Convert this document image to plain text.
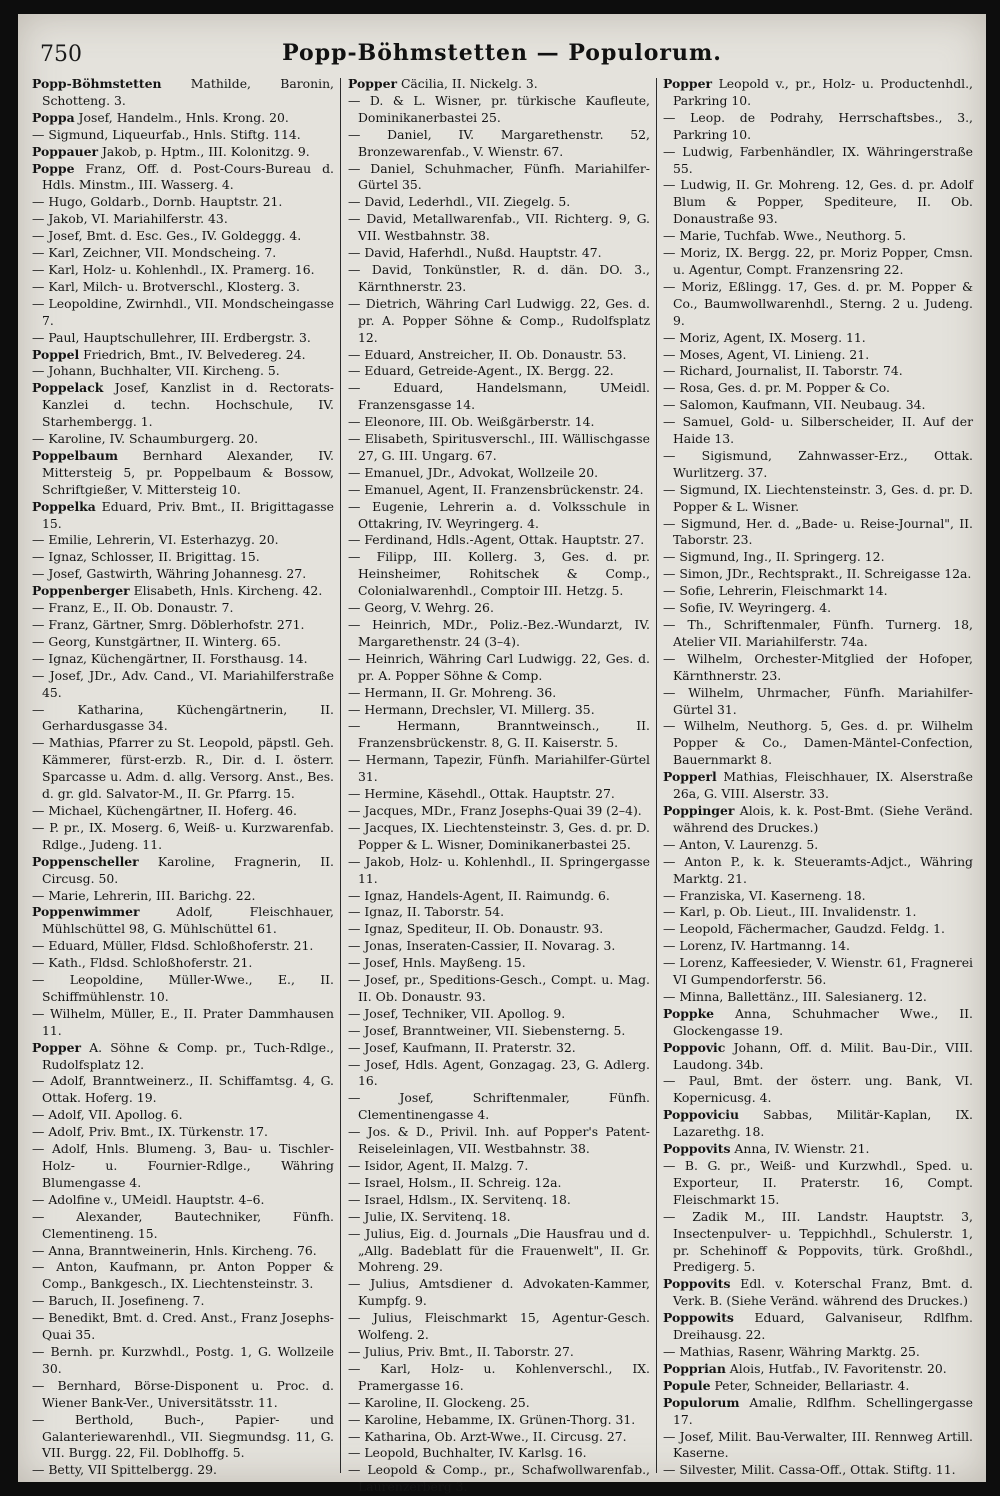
750	Popp-Böhmstetten — Populorum.

Popp-Böhmstetten Mathilde, Baronin, Schotteng. 3.

Poppa Josef, Handelm., Hnls. Krong. 20.

— Sigmund, Liqueurfab., Hnls. Stiftg. 114.

Poppauer Jakob, p. Hptm., III. Kolonitzg. 9.

Poppe Franz, Off. d. Post-Cours-Bureau d. Hdls. Minstm., III. Wasserg. 4.

— Hugo, Goldarb., Dornb. Hauptstr. 21.

— Jakob, VI. Mariahilferstr. 43.

— Josef, Bmt. d. Esc. Ges., IV. Goldeggg. 4.

— Karl, Zeichner, VII. Mondscheing. 7.

— Karl, Holz- u. Kohlenhdl., IX. Pramerg. 16.

— Karl, Milch- u. Brotverschl., Klosterg. 3.

— Leopoldine, Zwirnhdl., VII. Mondscheingasse 7.

— Paul, Hauptschullehrer, III. Erdbergstr. 3.

Poppel Friedrich, Bmt., IV. Belvedereg. 24.

— Johann, Buchhalter, VII. Kircheng. 5.

Poppelack Josef, Kanzlist in d. Rectorats-Kanzlei d. techn. Hochschule, IV. Starhembergg. 1.

— Karoline, IV. Schaumburgerg. 20.

Poppelbaum Bernhard Alexander, IV. Mittersteig 5, pr. Poppelbaum & Bossow, Schriftgießer, V. Mittersteig 10.

Poppelka Eduard, Priv. Bmt., II. Brigittagasse 15.

— Emilie, Lehrerin, VI. Esterhazyg. 20.

— Ignaz, Schlosser, II. Brigittag. 15.

— Josef, Gastwirth, Währing Johannesg. 27.

Poppenberger Elisabeth, Hnls. Kircheng. 42.

— Franz, E., II. Ob. Donaustr. 7.

— Franz, Gärtner, Smrg. Döblerhofstr. 271.

— Georg, Kunstgärtner, II. Winterg. 65.

— Ignaz, Küchengärtner, II. Forsthausg. 14.

— Josef, JDr., Adv. Cand., VI. Mariahilferstraße 45.

— Katharina, Küchengärtnerin, II. Gerhardusgasse 34.

— Mathias, Pfarrer zu St. Leopold, päpstl. Geh. Kämmerer, fürst-erzb. R., Dir. d. I. österr. Sparcasse u. Adm. d. allg. Versorg. Anst., Bes. d. gr. gld. Salvator-M., II. Gr. Pfarrg. 15.

— Michael, Küchengärtner, II. Hoferg. 46.

— P. pr., IX. Moserg. 6, Weiß- u. Kurzwarenfab. Rdlge., Judeng. 11.

Poppenscheller Karoline, Fragnerin, II. Circusg. 50.

— Marie, Lehrerin, III. Barichg. 22.

Poppenwimmer Adolf, Fleischhauer, Mühlschüttel 98, G. Mühlschüttel 61.

— Eduard, Müller, Fldsd. Schloßhoferstr. 21.

— Kath., Fldsd. Schloßhoferstr. 21.

— Leopoldine, Müller-Wwe., E., II. Schiffmühlenstr. 10.

— Wilhelm, Müller, E., II. Prater Dammhausen 11.

Popper A. Söhne & Comp. pr., Tuch-Rdlge., Rudolfsplatz 12.

— Adolf, Branntweinerz., II. Schiffamtsg. 4, G. Ottak. Hoferg. 19.

— Adolf, VII. Apollog. 6.

— Adolf, Priv. Bmt., IX. Türkenstr. 17.

— Adolf, Hnls. Blumeng. 3, Bau- u. Tischler-Holz- u. Fournier-Rdlge., Währing Blumengasse 4.

— Adolfine v., UMeidl. Hauptstr. 4–6.

— Alexander, Bautechniker, Fünfh. Clementineng. 15.

— Anna, Branntweinerin, Hnls. Kircheng. 76.

— Anton, Kaufmann, pr. Anton Popper & Comp., Bankgesch., IX. Liechtensteinstr. 3.

— Baruch, II. Josefineng. 7.

— Benedikt, Bmt. d. Cred. Anst., Franz Josephs-Quai 35.

— Bernh. pr. Kurzwhdl., Postg. 1, G. Wollzeile 30.

— Bernhard, Börse-Disponent u. Proc. d. Wiener Bank-Ver., Universitätsstr. 11.

— Berthold, Buch-, Papier- und Galanteriewarenhdl., VII. Siegmundsg. 11, G. VII. Burgg. 22, Fil. Doblhoffg. 5.

— Betty, VII Spittelbergg. 29.

Popper Cäcilia, II. Nickelg. 3.

— D. & L. Wisner, pr. türkische Kaufleute, Dominikanerbastei 25.

— Daniel, IV. Margarethenstr. 52, Bronzewarenfab., V. Wienstr. 67.

— Daniel, Schuhmacher, Fünfh. Mariahilfer-Gürtel 35.

— David, Lederhdl., VII. Ziegelg. 5.

— David, Metallwarenfab., VII. Richterg. 9, G. VII. Westbahnstr. 38.

— David, Haferhdl., Nußd. Hauptstr. 47.

— David, Tonkünstler, R. d. dän. DO. 3., Kärnthnerstr. 23.

— Dietrich, Währing Carl Ludwigg. 22, Ges. d. pr. A. Popper Söhne & Comp., Rudolfsplatz 12.

— Eduard, Anstreicher, II. Ob. Donaustr. 53.

— Eduard, Getreide-Agent., IX. Bergg. 22.

— Eduard, Handelsmann, UMeidl. Franzensgasse 14.

— Eleonore, III. Ob. Weißgärberstr. 14.

— Elisabeth, Spiritusverschl., III. Wällischgasse 27, G. III. Ungarg. 67.

— Emanuel, JDr., Advokat, Wollzeile 20.

— Emanuel, Agent, II. Franzensbrückenstr. 24.

— Eugenie, Lehrerin a. d. Volksschule in Ottakring, IV. Weyringerg. 4.

— Ferdinand, Hdls.-Agent, Ottak. Hauptstr. 27.

— Filipp, III. Kollerg. 3, Ges. d. pr. Heinsheimer, Rohitschek & Comp., Colonialwarenhdl., Comptoir III. Hetzg. 5.

— Georg, V. Wehrg. 26.

— Heinrich, MDr., Poliz.-Bez.-Wundarzt, IV. Margarethenstr. 24 (3–4).

— Heinrich, Währing Carl Ludwigg. 22, Ges. d. pr. A. Popper Söhne & Comp.

— Hermann, II. Gr. Mohreng. 36.

— Hermann, Drechsler, VI. Millerg. 35.

— Hermann, Branntweinsch., II. Franzensbrückenstr. 8, G. II. Kaiserstr. 5.

— Hermann, Tapezir, Fünfh. Mariahilfer-Gürtel 31.

— Hermine, Käsehdl., Ottak. Hauptstr. 27.

— Jacques, MDr., Franz Josephs-Quai 39 (2–4).

— Jacques, IX. Liechtensteinstr. 3, Ges. d. pr. D. Popper & L. Wisner, Dominikanerbastei 25.

— Jakob, Holz- u. Kohlenhdl., II. Springergasse 11.

— Ignaz, Handels-Agent, II. Raimundg. 6.

— Ignaz, II. Taborstr. 54.

— Ignaz, Spediteur, II. Ob. Donaustr. 93.

— Jonas, Inseraten-Cassier, II. Novarag. 3.

— Josef, Hnls. Mayßeng. 15.

— Josef, pr., Speditions-Gesch., Compt. u. Mag. II. Ob. Donaustr. 93.

— Josef, Techniker, VII. Apollog. 9.

— Josef, Branntweiner, VII. Siebensterng. 5.

— Josef, Kaufmann, II. Praterstr. 32.

— Josef, Hdls. Agent, Gonzagag. 23, G. Adlerg. 16.

— Josef, Schriftenmaler, Fünfh. Clementinengasse 4.

— Jos. & D., Privil. Inh. auf Popper's Patent-Reiseleinlagen, VII. Westbahnstr. 38.

— Isidor, Agent, II. Malzg. 7.

— Israel, Holsm., II. Schreig. 12a.

— Israel, Hdlsm., IX. Servitenq. 18.

— Julie, IX. Servitenq. 18.

— Julius, Eig. d. Journals „Die Hausfrau und d. „Allg. Badeblatt für die Frauenwelt", II. Gr. Mohreng. 29.

— Julius, Amtsdiener d. Advokaten-Kammer, Kumpfg. 9.

— Julius, Fleischmarkt 15, Agentur-Gesch. Wolfeng. 2.

— Julius, Priv. Bmt., II. Taborstr. 27.

— Karl, Holz- u. Kohlenverschl., IX. Pramergasse 16.

— Karoline, II. Glockeng. 25.

— Karoline, Hebamme, IX. Grünen-Thorg. 31.

— Katharina, Ob. Arzt-Wwe., II. Circusg. 27.

— Leopold, Buchhalter, IV. Karlsg. 16.

— Leopold & Comp., pr., Schafwollwarenfab., Laurenzerberg 3.

Popper Leopold v., pr., Holz- u. Productenhdl., Parkring 10.

— Leop. de Podrahy, Herrschaftsbes., 3., Parkring 10.

— Ludwig, Farbenhändler, IX. Währingerstraße 55.

— Ludwig, II. Gr. Mohreng. 12, Ges. d. pr. Adolf Blum & Popper, Spediteure, II. Ob. Donaustraße 93.

— Marie, Tuchfab. Wwe., Neuthorg. 5.

— Moriz, IX. Bergg. 22, pr. Moriz Popper, Cmsn. u. Agentur, Compt. Franzensring 22.

— Moriz, Eßlingg. 17, Ges. d. pr. M. Popper & Co., Baumwollwarenhdl., Sterng. 2 u. Judeng. 9.

— Moriz, Agent, IX. Moserg. 11.

— Moses, Agent, VI. Linieng. 21.

— Richard, Journalist, II. Taborstr. 74.

— Rosa, Ges. d. pr. M. Popper & Co.

— Salomon, Kaufmann, VII. Neubaug. 34.

— Samuel, Gold- u. Silberscheider, II. Auf der Haide 13.

— Sigismund, Zahnwasser-Erz., Ottak. Wurlitzerg. 37.

— Sigmund, IX. Liechtensteinstr. 3, Ges. d. pr. D. Popper & L. Wisner.

— Sigmund, Her. d. „Bade- u. Reise-Journal", II. Taborstr. 23.

— Sigmund, Ing., II. Springerg. 12.

— Simon, JDr., Rechtsprakt., II. Schreigasse 12a.

— Sofie, Lehrerin, Fleischmarkt 14.

— Sofie, IV. Weyringerg. 4.

— Th., Schriftenmaler, Fünfh. Turnerg. 18, Atelier VII. Mariahilferstr. 74a.

— Wilhelm, Orchester-Mitglied der Hofoper, Kärnthnerstr. 23.

— Wilhelm, Uhrmacher, Fünfh. Mariahilfer-Gürtel 31.

— Wilhelm, Neuthorg. 5, Ges. d. pr. Wilhelm Popper & Co., Damen-Mäntel-Confection, Bauernmarkt 8.

Popperl Mathias, Fleischhauer, IX. Alserstraße 26a, G. VIII. Alserstr. 33.

Poppinger Alois, k. k. Post-Bmt. (Siehe Veränd. während des Druckes.)

— Anton, V. Laurenzg. 5.

— Anton P., k. k. Steueramts-Adjct., Währing Marktg. 21.

— Franziska, VI. Kaserneng. 18.

— Karl, p. Ob. Lieut., III. Invalidenstr. 1.

— Leopold, Fächermacher, Gaudzd. Feldg. 1.

— Lorenz, IV. Hartmanng. 14.

— Lorenz, Kaffeesieder, V. Wienstr. 61, Fragnerei VI Gumpendorferstr. 56.

— Minna, Ballettänz., III. Salesianerg. 12.

Poppke Anna, Schuhmacher Wwe., II. Glockengasse 19.

Poppovic Johann, Off. d. Milit. Bau-Dir., VIII. Laudong. 34b.

— Paul, Bmt. der österr. ung. Bank, VI. Kopernicusg. 4.

Poppoviciu Sabbas, Militär-Kaplan, IX. Lazarethg. 18.

Poppovits Anna, IV. Wienstr. 21.

— B. G. pr., Weiß- und Kurzwhdl., Sped. u. Exporteur, II. Praterstr. 16, Compt. Fleischmarkt 15.

— Zadik M., III. Landstr. Hauptstr. 3, Insectenpulver- u. Teppichhdl., Schulerstr. 1, pr. Schehinoff & Poppovits, türk. Großhdl., Predigerg. 5.

Poppovits Edl. v. Koterschal Franz, Bmt. d. Verk. B. (Siehe Veränd. während des Druckes.)

Poppowits Eduard, Galvaniseur, Rdlfhm. Dreihausg. 22.

— Mathias, Rasenr, Währing Marktg. 25.

Popprian Alois, Hutfab., IV. Favoritenstr. 20.

Popule Peter, Schneider, Bellariastr. 4.

Populorum Amalie, Rdlfhm. Schellingergasse 17.

— Josef, Milit. Bau-Verwalter, III. Rennweg Artill. Kaserne.

— Silvester, Milit. Cassa-Off., Ottak. Stiftg. 11.
